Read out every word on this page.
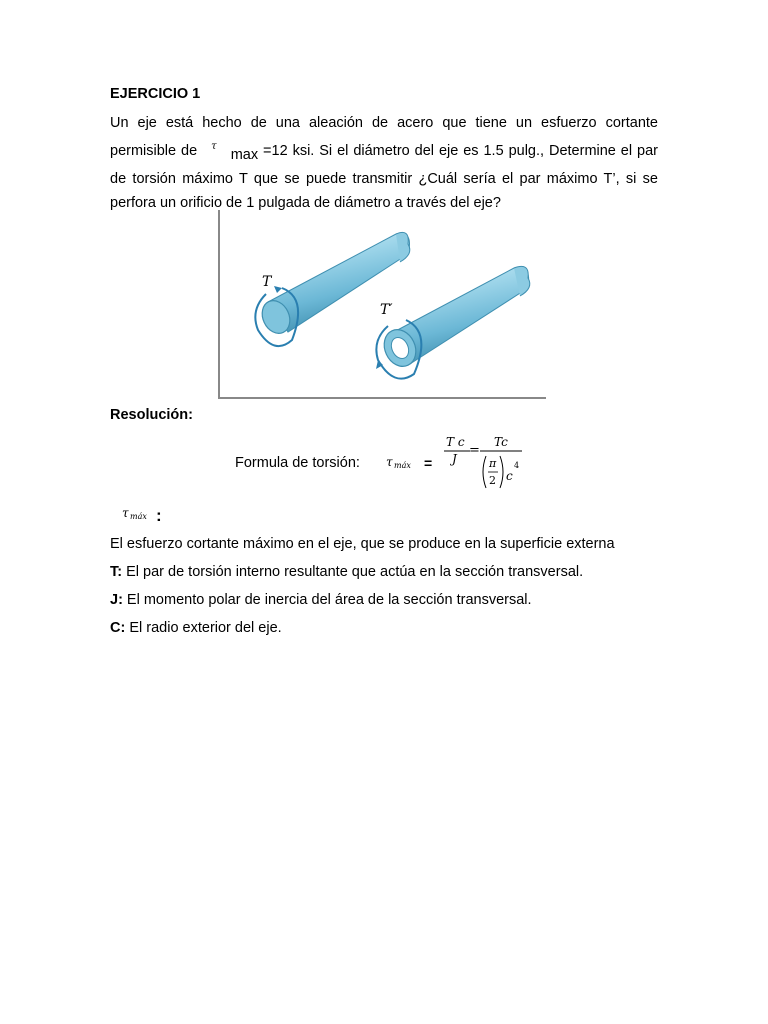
EJERCICIO 1
Un eje está hecho de una aleación de acero que tiene un esfuerzo cortante permisible de τmax =12 ksi. Si el diámetro del eje es 1.5 pulg., Determine el par de torsión máximo T que se puede transmitir ¿Cuál sería el par máximo T’, si se perfora un orificio de 1 pulgada de diámetro a través del eje?
T
T′
Resolución:
Formula de torsión: τ máx =
T c
J
=
Tc
π
2 c
4
τ máx :
El esfuerzo cortante máximo en el eje, que se produce en la superficie externa
T: El par de torsión interno resultante que actúa en la sección transversal.
J: El momento polar de inercia del área de la sección transversal.
C: El radio exterior del eje.
